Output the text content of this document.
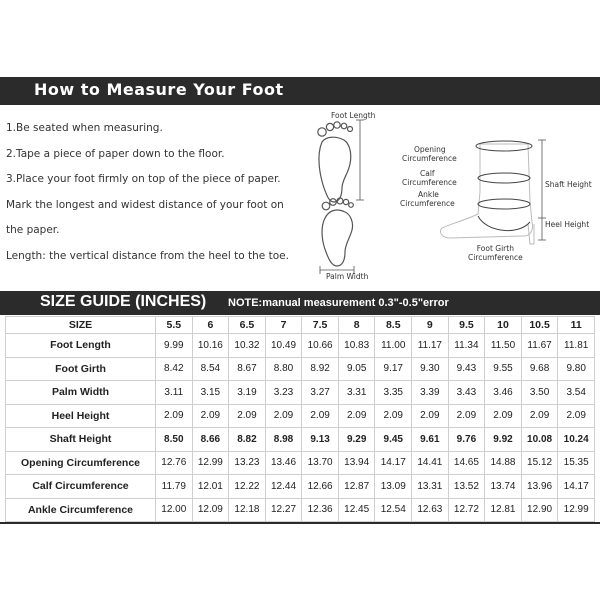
How to Measure Your Foot
1.Be seated when measuring.
2.Tape a piece of paper down to the floor.
3.Place your foot firmly on top of the piece of paper.
Mark the longest and widest distance of your foot on
the paper.
Length: the vertical distance from the heel to the toe.
Foot Length
Palm Width
Opening
Circumference
Calf
Circumference
Ankle
Circumference
Shaft Height
Heel Height
Foot Girth
Circumference
SIZE GUIDE (INCHES) NOTE:manual measurement 0.3"-0.5"error
SIZE	5.5	6	6.5	7	7.5	8	8.5	9	9.5	10	10.5	11
Foot Length	9.99	10.16	10.32	10.49	10.66	10.83	11.00	11.17	11.34	11.50	11.67	11.81
Foot Girth	8.42	8.54	8.67	8.80	8.92	9.05	9.17	9.30	9.43	9.55	9.68	9.80
Palm Width	3.11	3.15	3.19	3.23	3.27	3.31	3.35	3.39	3.43	3.46	3.50	3.54
Heel Height	2.09	2.09	2.09	2.09	2.09	2.09	2.09	2.09	2.09	2.09	2.09	2.09
Shaft Height	8.50	8.66	8.82	8.98	9.13	9.29	9.45	9.61	9.76	9.92	10.08	10.24
Opening Circumference	12.76	12.99	13.23	13.46	13.70	13.94	14.17	14.41	14.65	14.88	15.12	15.35
Calf Circumference	11.79	12.01	12.22	12.44	12.66	12.87	13.09	13.31	13.52	13.74	13.96	14.17
Ankle Circumference	12.00	12.09	12.18	12.27	12.36	12.45	12.54	12.63	12.72	12.81	12.90	12.99
